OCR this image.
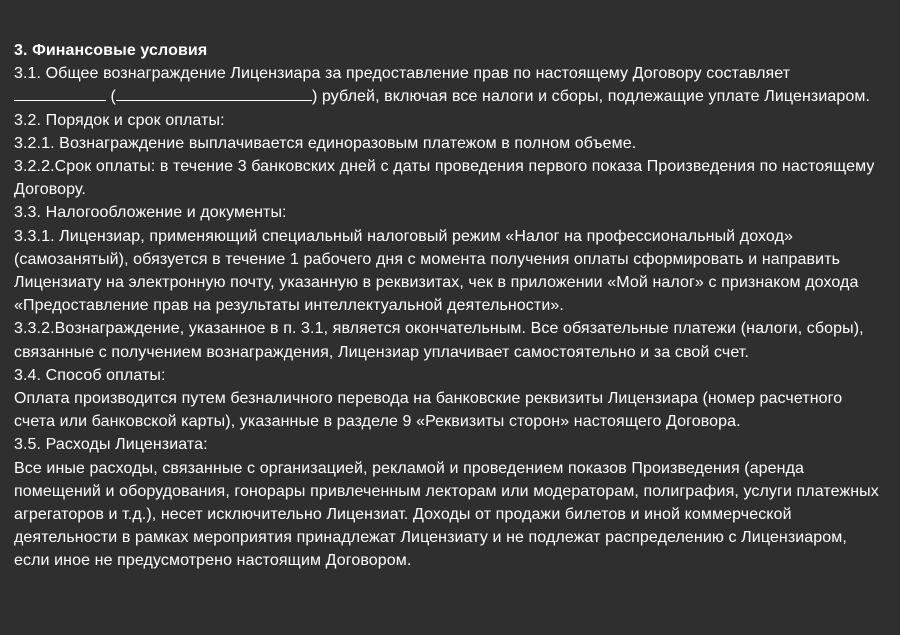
3. Финансовые условия

3.1. Общее вознаграждение Лицензиара за предоставление прав по настоящему Договору составляет
(	) рублей, включая все налоги и сборы, подлежащие уплате Лицензиаром.

3.2. Порядок и срок оплаты:

3.2.1. Вознаграждение выплачивается единоразовым платежом в полном объеме.

3.2.2.Срок оплаты: в течение 3 банковских дней с даты проведения первого показа Произведения по настоящему Договору.

3.3. Налогообложение и документы:

3.3.1. Лицензиар, применяющий специальный налоговый режим «Налог на профессиональный доход» (самозанятый), обязуется в течение 1 рабочего дня с момента получения оплаты сформировать и направить Лицензиату на электронную почту, указанную в реквизитах, чек в приложении «Мой налог» с признаком дохода «Предоставление прав на результаты интеллектуальной деятельности».

3.3.2.Вознаграждение, указанное в п. 3.1, является окончательным. Все обязательные платежи (налоги, сборы), связанные с получением вознаграждения, Лицензиар уплачивает самостоятельно и за свой счет.

3.4. Способ оплаты:

Оплата производится путем безналичного перевода на банковские реквизиты Лицензиара (номер расчетного счета или банковской карты), указанные в разделе 9 «Реквизиты сторон» настоящего Договора.

3.5. Расходы Лицензиата:

Все иные расходы, связанные с организацией, рекламой и проведением показов Произведения (аренда помещений и оборудования, гонорары привлеченным лекторам или модераторам, полиграфия, услуги платежных агрегаторов и т.д.), несет исключительно Лицензиат. Доходы от продажи билетов и иной коммерческой деятельности в рамках мероприятия принадлежат Лицензиату и не подлежат распределению с Лицензиаром, если иное не предусмотрено настоящим Договором.
